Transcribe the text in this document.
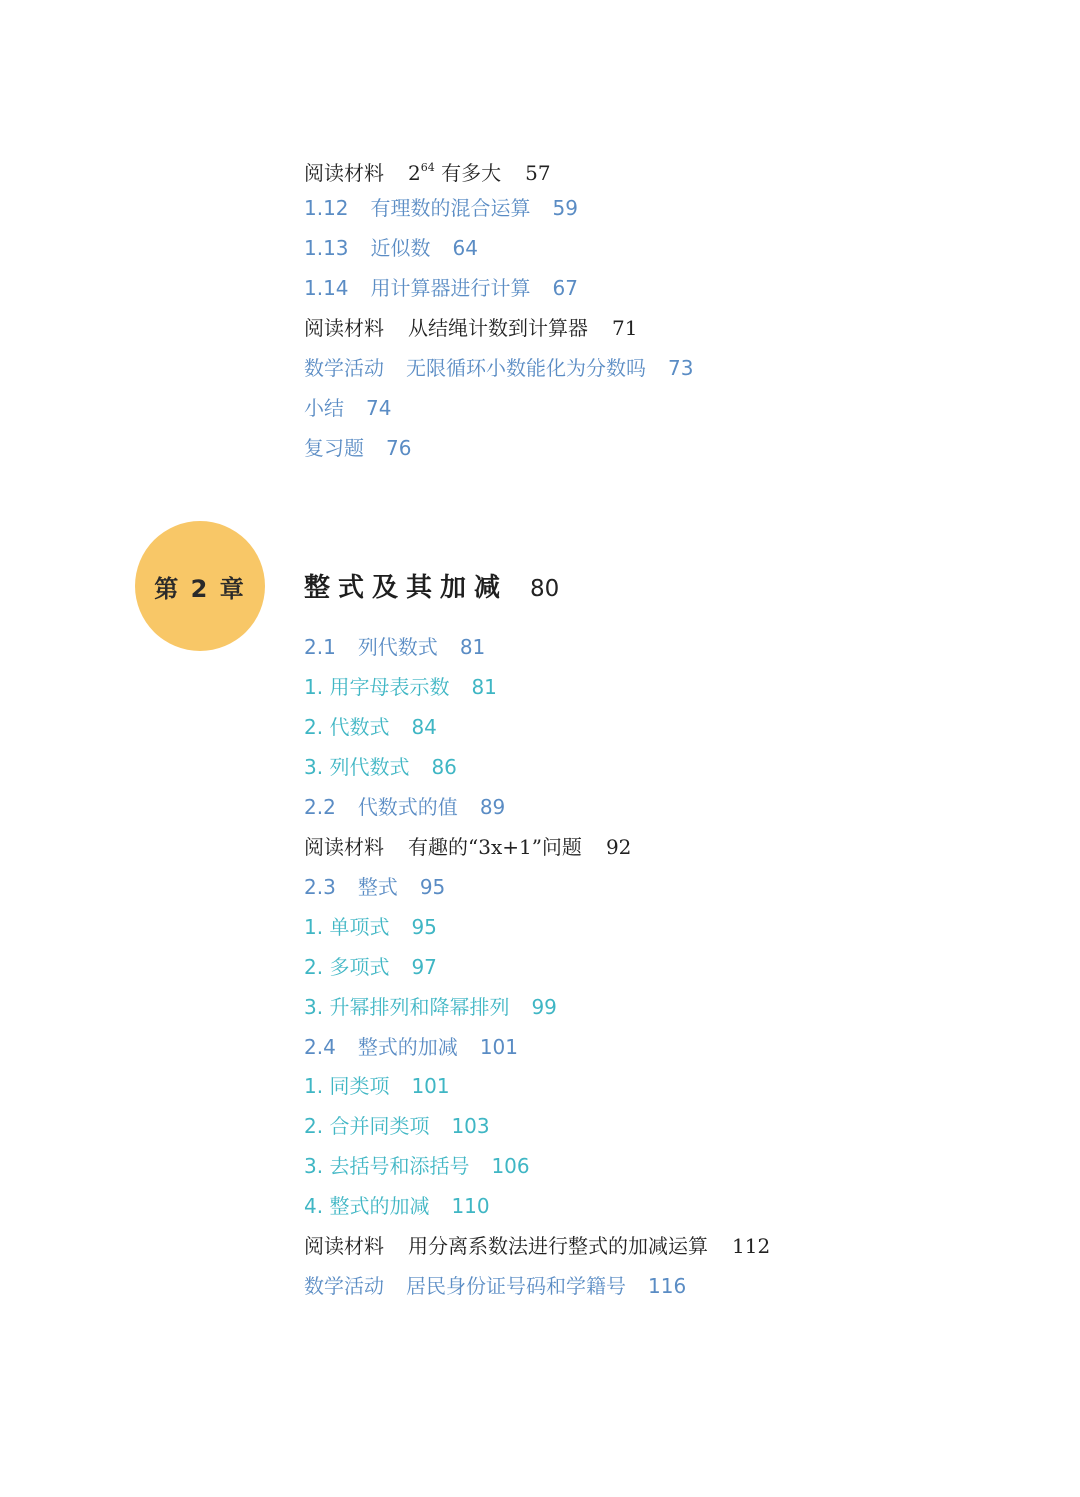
阅读材料 $2^{64}$ 有多大 57
1.12 有理数的混合运算 59
1.13 近似数 64
1.14 用计算器进行计算 67
阅读材料 从结绳计数到计算器 71
数学活动 无限循环小数能化为分数吗 73
小结 74
复习题 76
第 2 章 整式及其加减 80
2.1 列代数式 81
1. 用字母表示数 81
2. 代数式 84
3. 列代数式 86
2.2 代数式的值 89
阅读材料 有趣的“3x+1”问题 92
2.3 整式 95
1. 单项式 95
2. 多项式 97
3. 升幂排列和降幂排列 99
2.4 整式的加减 101
1. 同类项 101
2. 合并同类项 103
3. 去括号和添括号 106
4. 整式的加减 110
阅读材料 用分离系数法进行整式的加减运算 112
数学活动 居民身份证号码和学籍号 116
